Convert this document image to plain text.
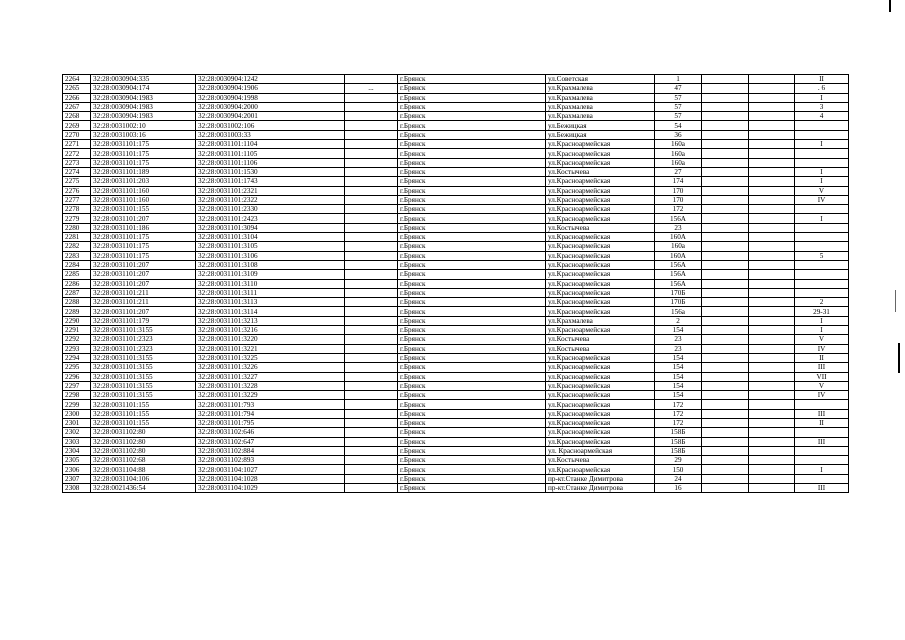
2264	32:28:0030904:335	32:28:0030904:1242		г.Брянск	ул.Советская	1			II
2265	32:28:0030904:174	32:28:0030904:1906	...	г.Брянск	ул.Крахмалева	47			. 6
2266	32:28:0030904:1983	32:28:0030904:1998		г.Брянск	ул.Крахмалева	57			I
2267	32:28:0030904:1983	32:28:0030904:2000		г.Брянск	ул.Крахмалева	57			3
2268	32:28:0030904:1983	32:28:0030904:2001		г.Брянск	ул.Крахмалева	57			4
2269	32:28:0031002:10	32:28:0031002:106		г.Брянск	ул.Бежицкая	54			
2270	32:28:0031003:16	32:28:0031003:33		г.Брянск	ул.Бежицкая	36			
2271	32:28:0031101:175	32:28:0031101:1104		г.Брянск	ул.Красноармейская	160а			I
2272	32:28:0031101:175	32:28:0031101:1105		г.Брянск	ул.Красноармейская	160а			
2273	32:28:0031101:175	32:28:0031101:1106		г.Брянск	ул.Красноармейская	160а			
2274	32:28:0031101:189	32:28:0031101:1530		г.Брянск	ул.Костычева	27			I
2275	32:28:0031101:203	32:28:0031101:1743		г.Брянск	ул.Красноармейская	174			I
2276	32:28:0031101:160	32:28:0031101:2321		г.Брянск	ул.Красноармейская	170			V
2277	32:28:0031101:160	32:28:0031101:2322		г.Брянск	ул.Красноармейская	170			IV
2278	32:28:0031101:155	32:28:0031101:2330		г.Брянск	ул.Красноармейская	172			
2279	32:28:0031101:207	32:28:0031101:2423		г.Брянск	ул.Красноармейская	156А			I
2280	32:28:0031101:186	32:28:0031101:3094		г.Брянск	ул.Костычева	23			
2281	32:28:0031101:175	32:28:0031101:3104		г.Брянск	ул.Красноармейская	160А			
2282	32:28:0031101:175	32:28:0031101:3105		г.Брянск	ул.Красноармейская	160а			
2283	32:28:0031101:175	32:28:0031101:3106		г.Брянск	ул.Красноармейская	160А			5
2284	32:28:0031101:207	32:28:0031101:3108		г.Брянск	ул.Красноармейская	156А			
2285	32:28:0031101:207	32:28:0031101:3109		г.Брянск	ул.Красноармейская	156А			
2286	32:28:0031101:207	32:28:0031101:3110		г.Брянск	ул.Красноармейская	156А			
2287	32:28:0031101:211	32:28:0031101:3111		г.Брянск	ул.Красноармейская	170Б			
2288	32:28:0031101:211	32:28:0031101:3113		г.Брянск	ул.Красноармейская	170Б			2
2289	32:28:0031101:207	32:28:0031101:3114		г.Брянск	ул.Красноармейская	156а			29-31
2290	32:28:0031101:179	32:28:0031101:3213		г.Брянск	ул.Крахмалева	2			I
2291	32:28:0031101:3155	32:28:0031101:3216		г.Брянск	ул.Красноармейская	154			I
2292	32:28:0031101:2323	32:28:0031101:3220		г.Брянск	ул.Костычева	23			V
2293	32:28:0031101:2323	32:28:0031101:3221		г.Брянск	ул.Костычева	23			IV
2294	32:28:0031101:3155	32:28:0031101:3225		г.Брянск	ул.Красноармейская	154			II
2295	32:28:0031101:3155	32:28:0031101:3226		г.Брянск	ул.Красноармейская	154			III
2296	32:28:0031101:3155	32:28:0031101:3227		г.Брянск	ул.Красноармейская	154			VII
2297	32:28:0031101:3155	32:28:0031101:3228		г.Брянск	ул.Красноармейская	154			V
2298	32:28:0031101:3155	32:28:0031101:3229		г.Брянск	ул.Красноармейская	154			IV
2299	32:28:0031101:155	32:28:0031101:793		г.Брянск	ул.Красноармейская	172			
2300	32:28:0031101:155	32:28:0031101:794		г.Брянск	ул.Красноармейская	172			III
2301	32:28:0031101:155	32:28:0031101:795		г.Брянск	ул.Красноармейская	172			II
2302	32:28:0031102:80	32:28:0031102:646		г.Брянск	ул.Красноармейская	158Б			
2303	32:28:0031102:80	32:28:0031102:647		г.Брянск	ул.Красноармейская	158Б			III
2304	32:28:0031102:80	32:28:0031102:884		г.Брянск	ул. Красноармейская	158Б			
2305	32:28:0031102:68	32:28:0031102:893		г.Брянск	ул.Костычева	29			
2306	32:28:0031104:88	32:28:0031104:1027		г.Брянск	ул.Красноармейская	150			I
2307	32:28:0031104:106	32:28:0031104:1028		г.Брянск	пр-кт.Станке Димитрова	24			
2308	32:28:0021436:54	32:28:0031104:1029		г.Брянск	пр-кт.Станке Димитрова	16			III
